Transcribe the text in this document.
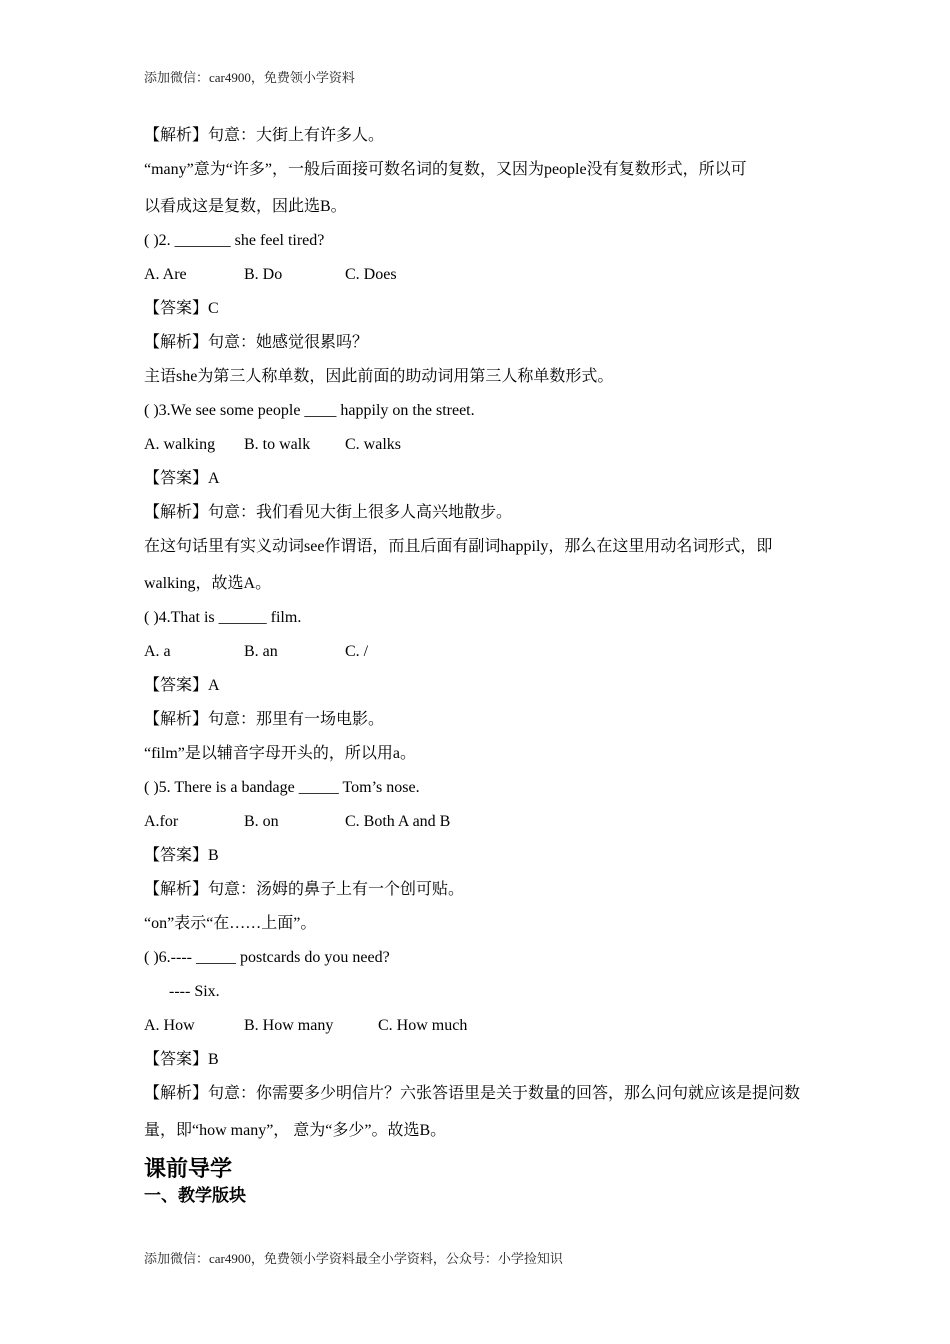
添加微信：car4900，免费领小学资料
【解析】句意：大街上有许多人。
“many”意为“许多”，一般后面接可数名词的复数，又因为people没有复数形式，所以可
以看成这是复数，因此选B。
( )2. _______ she feel tired?
A. Are	B. Do	C. Does
【答案】C
【解析】句意：她感觉很累吗？
主语she为第三人称单数，因此前面的助动词用第三人称单数形式。
( )3.We see some people ____ happily on the street.
A. walking B. to walk C. walks
【答案】A
【解析】句意：我们看见大街上很多人高兴地散步。
在这句话里有实义动词see作谓语，而且后面有副词happily，那么在这里用动名词形式，即
walking，故选A。
( )4.That is ______ film.
A. a	B. an	C. /
【答案】A
【解析】句意：那里有一场电影。
“film”是以辅音字母开头的，所以用a。
( )5. There is a bandage _____ Tom’s nose.
A.for	B. on	C. Both A and B
【答案】B
【解析】句意：汤姆的鼻子上有一个创可贴。
“on”表示“在……上面”。
( )6.---- _____ postcards do you need?
---- Six.
A. How	B. How many	C. How much
【答案】B
【解析】句意：你需要多少明信片？六张答语里是关于数量的回答，那么问句就应该是提问数
量，即“how many”， 意为“多少”。故选B。
课前导学
一、教学版块
添加微信：car4900，免费领小学资料最全小学资料，公众号：小学捡知识
